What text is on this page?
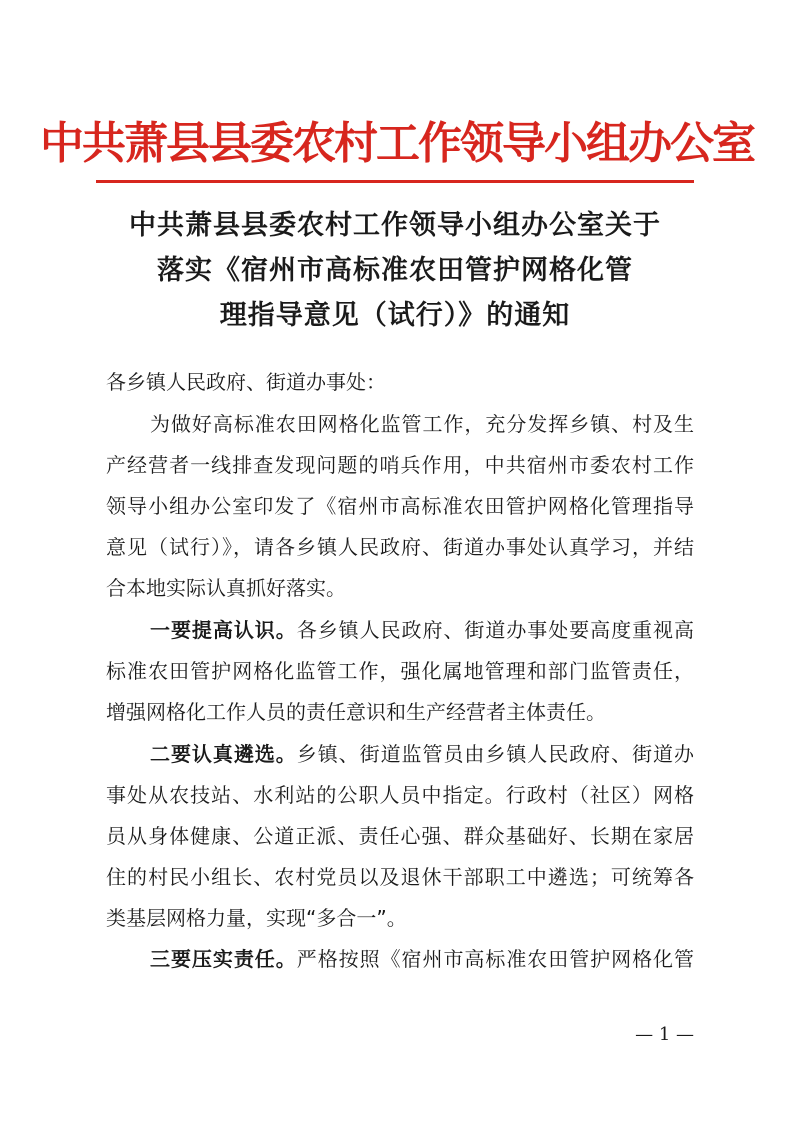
中共萧县县委农村工作领导小组办公室
中共萧县县委农村工作领导小组办公室关于
落实《宿州市高标准农田管护网格化管
理指导意见（试行）》的通知
各乡镇人民政府、街道办事处：
为做好高标准农田网格化监管工作，充分发挥乡镇、村及生
产经营者一线排查发现问题的哨兵作用，中共宿州市委农村工作
领导小组办公室印发了《宿州市高标准农田管护网格化管理指导
意见（试行）》，请各乡镇人民政府、街道办事处认真学习，并结
合本地实际认真抓好落实。
一要提高认识。各乡镇人民政府、街道办事处要高度重视高
标准农田管护网格化监管工作，强化属地管理和部门监管责任，
增强网格化工作人员的责任意识和生产经营者主体责任。
二要认真遴选。乡镇、街道监管员由乡镇人民政府、街道办
事处从农技站、水利站的公职人员中指定。行政村（社区）网格
员从身体健康、公道正派、责任心强、群众基础好、长期在家居
住的村民小组长、农村党员以及退休干部职工中遴选；可统筹各
类基层网格力量，实现“多合一”。
三要压实责任。严格按照《宿州市高标准农田管护网格化管
— 1 —
